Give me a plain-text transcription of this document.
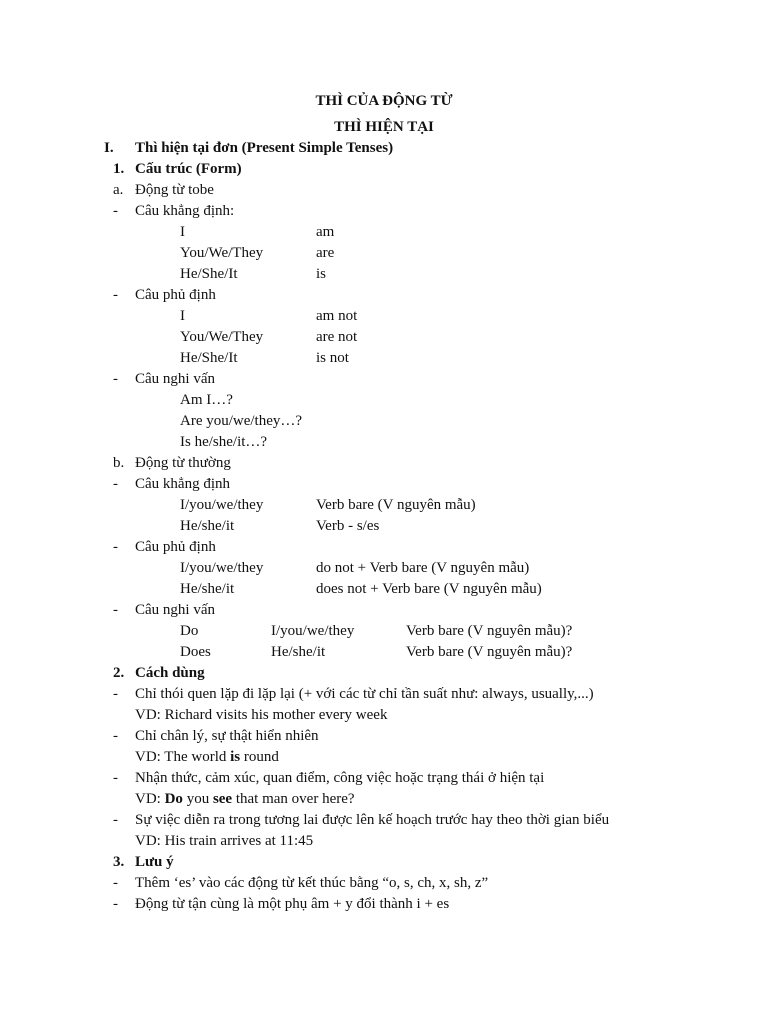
THÌ CỦA ĐỘNG TỪ
THÌ HIỆN TẠI
I. Thì hiện tại đơn (Present Simple Tenses)
1. Cấu trúc (Form)
a. Động từ tobe
- Câu khẳng định:
I	am
You/We/They	are
He/She/It	is
- Câu phủ định
I	am not
You/We/They	are not
He/She/It	is not
- Câu nghi vấn
Am I…?
Are you/we/they…?
Is he/she/it…?
b. Động từ thường
- Câu khẳng định
I/you/we/they	Verb bare (V nguyên mẫu)
He/she/it	Verb - s/es
- Câu phủ định
I/you/we/they	do not + Verb bare (V nguyên mẫu)
He/she/it	does not + Verb bare (V nguyên mẫu)
- Câu nghi vấn
Do	I/you/we/they	Verb bare (V nguyên mẫu)?
Does	He/she/it	Verb bare (V nguyên mẫu)?
2. Cách dùng
- Chỉ thói quen lặp đi lặp lại (+ với các từ chỉ tần suất như: always, usually,...)
VD: Richard visits his mother every week
- Chỉ chân lý, sự thật hiển nhiên
VD: The world is round
- Nhận thức, cảm xúc, quan điểm, công việc hoặc trạng thái ở hiện tại
VD: Do you see that man over here?
- Sự việc diễn ra trong tương lai được lên kế hoạch trước hay theo thời gian biểu
VD: His train arrives at 11:45
3. Lưu ý
- Thêm ‘es’ vào các động từ kết thúc bằng “o, s, ch, x, sh, z”
- Động từ tận cùng là một phụ âm + y đổi thành i + es
